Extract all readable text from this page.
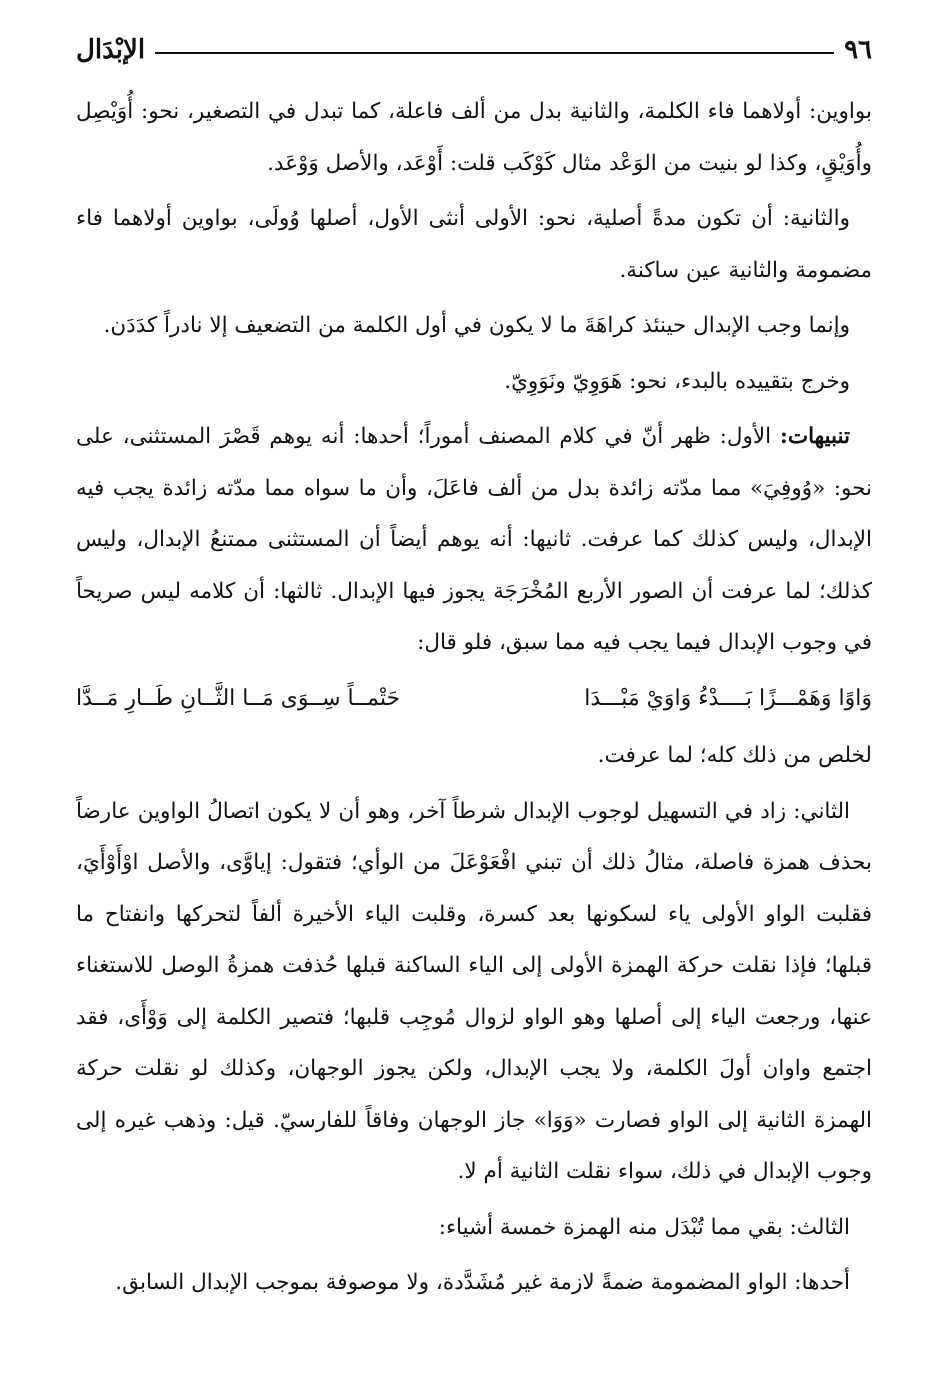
٩٦
الإبْدَال

بواوين: أولاهما فاء الكلمة، والثانية بدل من ألف فاعلة، كما تبدل في التصغير، نحو: أُوَيْصِل وأُوَيْقٍ، وكذا لو بنيت من الوَعْد مثال كَوْكَب قلت: أَوْعَد، والأصل وَوْعَد.

والثانية: أن تكون مدةً أصلية، نحو: الأولى أنثى الأول، أصلها وُولَى، بواوين أولاهما فاء مضمومة والثانية عين ساكنة.

وإنما وجب الإبدال حينئذ كراهَةَ ما لا يكون في أول الكلمة من التضعيف إلا نادراً كدَدَن.

وخرج بتقييده بالبدء، نحو: هَوَوِيّ ونَوَوِيّ.

تنبيهات: الأول: ظهر أنّ في كلام المصنف أموراً؛ أحدها: أنه يوهم قَصْرَ المستثنى، على نحو: «وُوفِيَ» مما مدّته زائدة بدل من ألف فاعَلَ، وأن ما سواه مما مدّته زائدة يجب فيه الإبدال، وليس كذلك كما عرفت. ثانيها: أنه يوهم أيضاً أن المستثنى ممتنعُ الإبدال، وليس كذلك؛ لما عرفت أن الصور الأربع المُخْرَجَة يجوز فيها الإبدال. ثالثها: أن كلامه ليس صريحاً في وجوب الإبدال فيما يجب فيه مما سبق، فلو قال:

وَاوًا وَهَمْـــزًا بَــــدْءُ وَاوَيْ مَبْـــدَا
حَتْمــاً سِــوَى مَــا الثَّــانِ طَــارِ مَــدَّا

لخلص من ذلك كله؛ لما عرفت.

الثاني: زاد في التسهيل لوجوب الإبدال شرطاً آخر، وهو أن لا يكون اتصالُ الواوين عارضاً بحذف همزة فاصلة، مثالُ ذلك أن تبني افْعَوْعَلَ من الوأي؛ فتقول: إياوَّى، والأصل اوْأَوْأَيَ، فقلبت الواو الأولى ياء لسكونها بعد كسرة، وقلبت الياء الأخيرة ألفاً لتحركها وانفتاح ما قبلها؛ فإذا نقلت حركة الهمزة الأولى إلى الياء الساكنة قبلها حُذفت همزةُ الوصل للاستغناء عنها، ورجعت الياء إلى أصلها وهو الواو لزوال مُوجِب قلبها؛ فتصير الكلمة إلى وَوْأَى، فقد اجتمع واوان أولَ الكلمة، ولا يجب الإبدال، ولكن يجوز الوجهان، وكذلك لو نقلت حركة الهمزة الثانية إلى الواو فصارت «وَوَا» جاز الوجهان وفاقاً للفارسيّ. قيل: وذهب غيره إلى وجوب الإبدال في ذلك، سواء نقلت الثانية أم لا.

الثالث: بقي مما تُبْدَل منه الهمزة خمسة أشياء:

أحدها: الواو المضمومة ضمةً لازمة غير مُشَدَّدة، ولا موصوفة بموجب الإبدال السابق.
